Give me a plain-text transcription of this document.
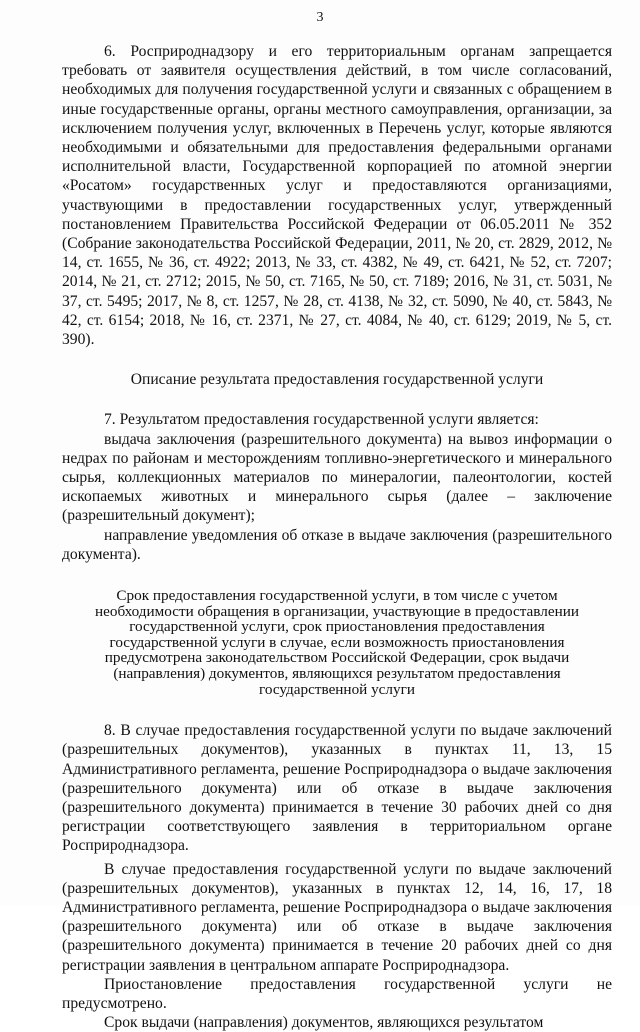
3

6. Росприроднадзору и его территориальным органам запрещается требовать от заявителя осуществления действий, в том числе согласований, необходимых для получения государственной услуги и связанных с обращением в иные государственные органы, органы местного самоуправления, организации, за исключением получения услуг, включенных в Перечень услуг, которые являются необходимыми и обязательными для предоставления федеральными органами исполнительной власти, Государственной корпорацией по атомной энергии «Росатом» государственных услуг и предоставляются организациями, участвующими в предоставлении государственных услуг, утвержденный постановлением Правительства Российской Федерации от 06.05.2011 № 352 (Собрание законодательства Российской Федерации, 2011, № 20, ст. 2829, 2012, № 14, ст. 1655, № 36, ст. 4922; 2013, № 33, ст. 4382, № 49, ст. 6421, № 52, ст. 7207; 2014, № 21, ст. 2712; 2015, № 50, ст. 7165, № 50, ст. 7189; 2016, № 31, ст. 5031, № 37, ст. 5495; 2017, № 8, ст. 1257, № 28, ст. 4138, № 32, ст. 5090, № 40, ст. 5843, № 42, ст. 6154; 2018, № 16, ст. 2371, № 27, ст. 4084, № 40, ст. 6129; 2019, № 5, ст. 390).

Описание результата предоставления государственной услуги

7. Результатом предоставления государственной услуги является:

выдача заключения (разрешительного документа) на вывоз информации о недрах по районам и месторождениям топливно-энергетического и минерального сырья, коллекционных материалов по минералогии, палеонтологии, костей ископаемых животных и минерального сырья (далее – заключение (разрешительный документ);

направление уведомления об отказе в выдаче заключения (разрешительного документа).

Срок предоставления государственной услуги, в том числе с учетом необходимости обращения в организации, участвующие в предоставлении государственной услуги, срок приостановления предоставления государственной услуги в случае, если возможность приостановления предусмотрена законодательством Российской Федерации, срок выдачи (направления) документов, являющихся результатом предоставления государственной услуги

8. В случае предоставления государственной услуги по выдаче заключений (разрешительных документов), указанных в пунктах 11, 13, 15 Административного регламента, решение Росприроднадзора о выдаче заключения (разрешительного документа) или об отказе в выдаче заключения (разрешительного документа) принимается в течение 30 рабочих дней со дня регистрации соответствующего заявления в территориальном органе Росприроднадзора.

В случае предоставления государственной услуги по выдаче заключений (разрешительных документов), указанных в пунктах 12, 14, 16, 17, 18 Административного регламента, решение Росприроднадзора о выдаче заключения (разрешительного документа) или об отказе в выдаче заключения (разрешительного документа) принимается в течение 20 рабочих дней со дня регистрации заявления в центральном аппарате Росприроднадзора.

Приостановление предоставления государственной услуги не предусмотрено.

Срок выдачи (направления) документов, являющихся результатом
